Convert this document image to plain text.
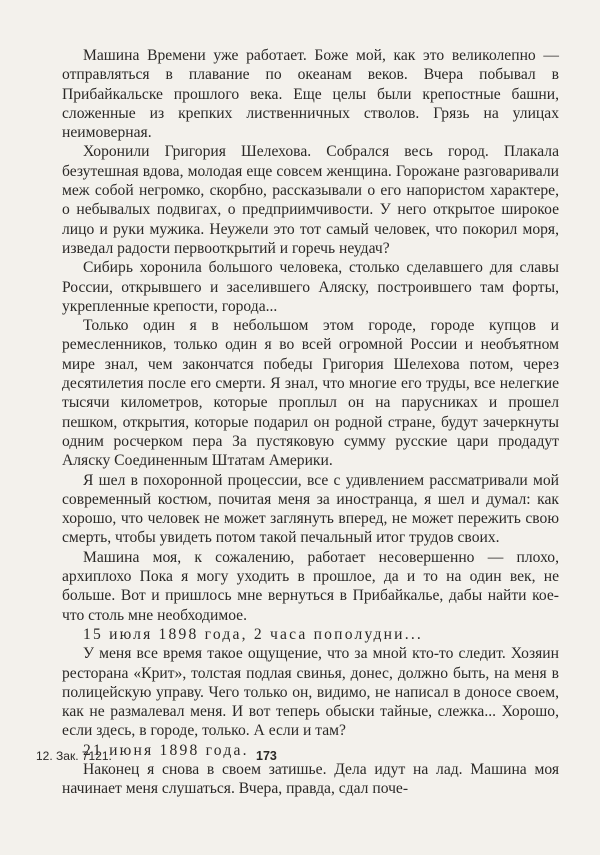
Машина Времени уже работает. Боже мой, как это великолепно — отправляться в плавание по океанам веков. Вчера побывал в Прибайкальске прошлого века. Еще целы были крепостные башни, сложенные из крепких лиственничных стволов. Грязь на улицах неимоверная.

Хоронили Григория Шелехова. Собрался весь город. Плакала безутешная вдова, молодая еще совсем женщина. Горожане разговаривали меж собой негромко, скорбно, рассказывали о его напористом характере, о небывалых подвигах, о предприимчивости. У него открытое широкое лицо и руки мужика. Неужели это тот самый человек, что покорил моря, изведал радости первооткрытий и горечь неудач?

Сибирь хоронила большого человека, столько сделавшего для славы России, открывшего и заселившего Аляску, построившего там форты, укрепленные крепости, города...

Только один я в небольшом этом городе, городе купцов и ремесленников, только один я во всей огромной России и необъятном мире знал, чем закончатся победы Григория Шелехова потом, через десятилетия после его смерти. Я знал, что многие его труды, все нелегкие тысячи километров, которые проплыл он на парусниках и прошел пешком, открытия, которые подарил он родной стране, будут зачеркнуты одним росчерком пера За пустяковую сумму русские цари продадут Аляску Соединенным Штатам Америки.

Я шел в похоронной процессии, все с удивлением рассматривали мой современный костюм, почитая меня за иностранца, я шел и думал: как хорошо, что человек не может заглянуть вперед, не может пережить свою смерть, чтобы увидеть потом такой печальный итог трудов своих.

Машина моя, к сожалению, работает несовершенно — плохо, архиплохо Пока я могу уходить в прошлое, да и то на один век, не больше. Вот и пришлось мне вернуться в Прибайкалье, дабы найти кое-что столь мне необходимое.

15 июля 1898 года, 2 часа пополудни...

У меня все время такое ощущение, что за мной кто-то следит. Хозяин ресторана «Крит», толстая подлая свинья, донес, должно быть, на меня в полицейскую управу. Чего только он, видимо, не написал в доносе своем, как не размалевал меня. И вот теперь обыски тайные, слежка... Хорошо, если здесь, в городе, только. А если и там?

21 июня 1898 года.

Наконец я снова в своем затишье. Дела идут на лад. Машина моя начинает меня слушаться. Вчера, правда, сдал поче-

12. Зак. 7121.	173
